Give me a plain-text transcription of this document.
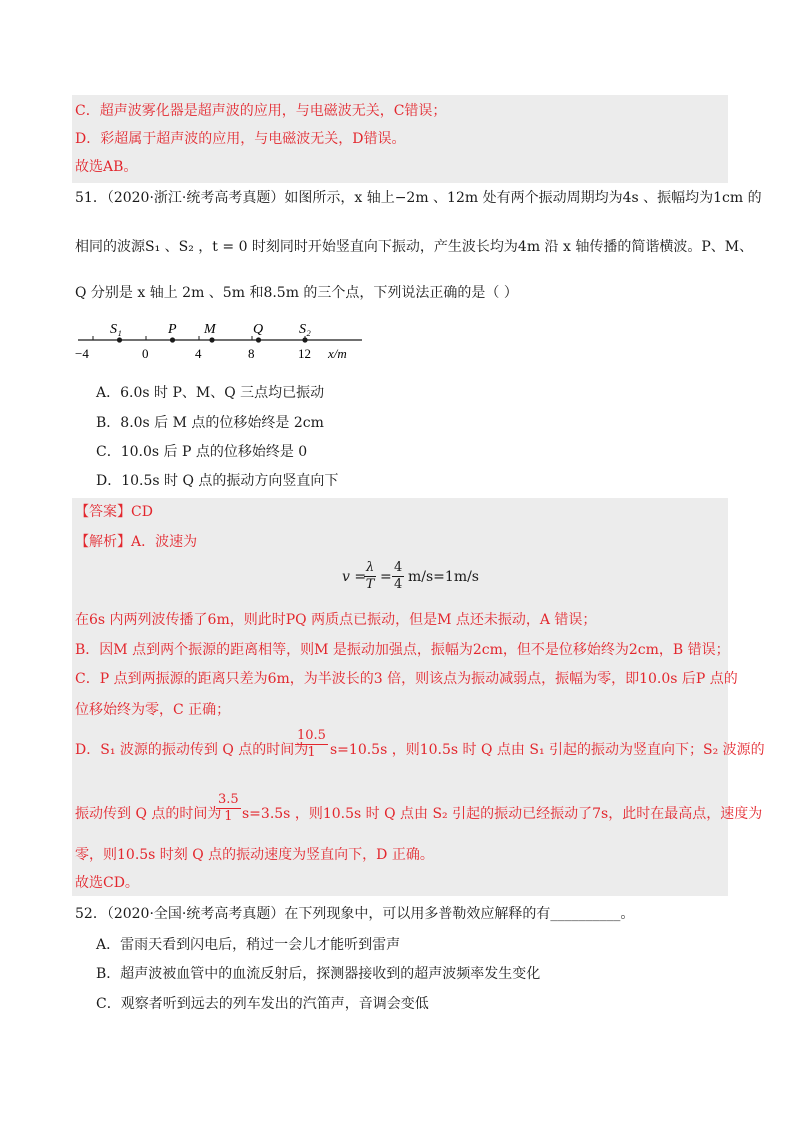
C．超声波雾化器是超声波的应用，与电磁波无关，C错误；
D．彩超属于超声波的应用，与电磁波无关，D错误。
故选AB。
51．（2020·浙江·统考高考真题）如图所示，x 轴上−2m 、12m 处有两个振动周期均为4s 、振幅均为1cm 的
相同的波源S₁ 、S₂ ，t = 0 时刻同时开始竖直向下振动，产生波长均为4m 沿 x 轴传播的简谐横波。P、M、
Q 分别是 x 轴上 2m 、5m 和8.5m 的三个点，下列说法正确的是（ ）
S₁	P M	Q	S₂
−4	0	4	8	12 x/m
A．6.0s 时 P、M、Q 三点均已振动
B．8.0s 后 M 点的位移始终是 2cm
C．10.0s 后 P 点的位移始终是 0
D．10.5s 时 Q 点的振动方向竖直向下
【答案】CD
【解析】A．波速为
v =
$\frac{\lambda}{T} = \frac{4}{4} m/s=1m/s$
在6s 内两列波传播了6m，则此时PQ 两质点已振动，但是M 点还未振动，A 错误；
B．因M 点到两个振源的距离相等，则M 是振动加强点，振幅为2cm，但不是位移始终为2cm，B 错误；
C．P 点到两振源的距离只差为6m，为半波长的3 倍，则该点为振动减弱点，振幅为零，即10.0s 后P 点的
位移始终为零，C 正确；
D．S₁ 波源的振动传到 Q 点的时间为
$\frac{10.5}{1} s=10.5s$ ，则10.5s 时 Q 点由 S₁ 引起的振动为竖直向下；S₂ 波源的
振动传到 Q 点的时间为
$\frac{3.5}{1} s=3.5s$ ，则10.5s 时 Q 点由 S₂ 引起的振动已经振动了7s，此时在最高点，速度为
零，则10.5s 时刻 Q 点的振动速度为竖直向下，D 正确。
故选CD。
52．（2020·全国·统考高考真题）在下列现象中，可以用多普勒效应解释的有__________。
A．雷雨天看到闪电后，稍过一会儿才能听到雷声
B．超声波被血管中的血流反射后，探测器接收到的超声波频率发生变化
C．观察者听到远去的列车发出的汽笛声，音调会变低
